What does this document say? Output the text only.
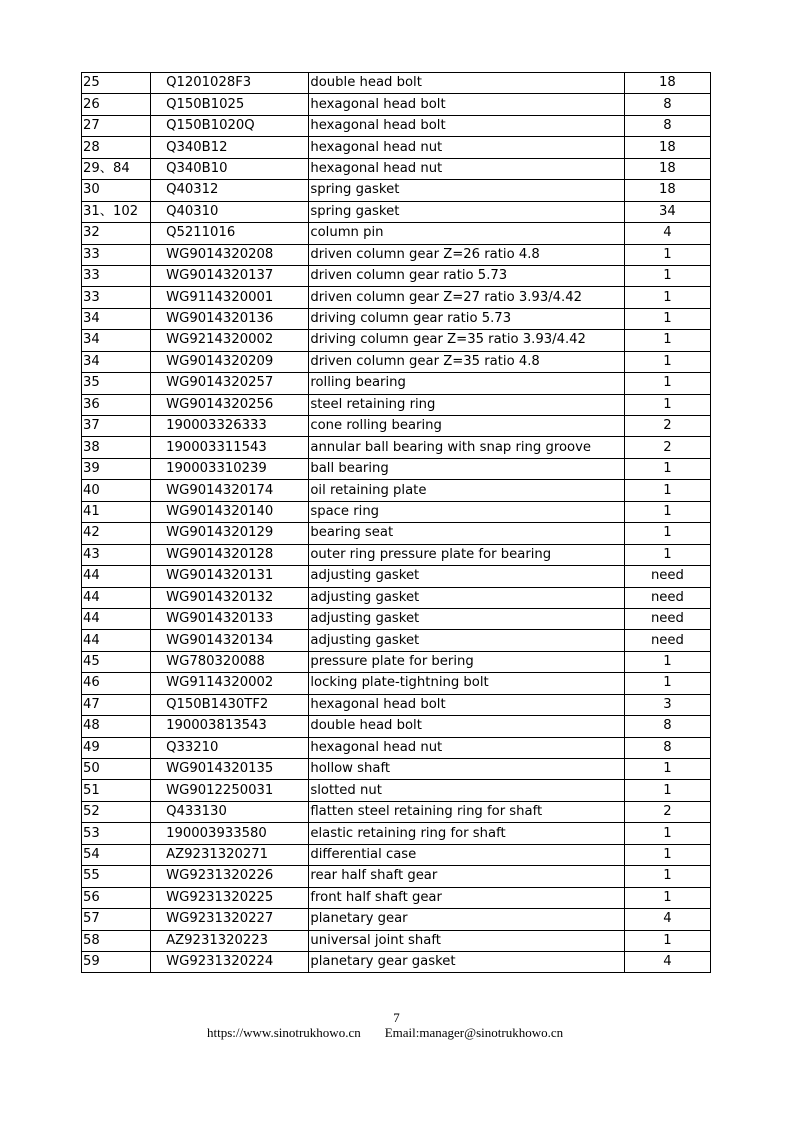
25	Q1201028F3	double head bolt	18
26	Q150B1025	hexagonal head bolt	8
27	Q150B1020Q	hexagonal head bolt	8
28	Q340B12	hexagonal head nut	18
29、84	Q340B10	hexagonal head nut	18
30	Q40312	spring gasket	18
31、102	Q40310	spring gasket	34
32	Q5211016	column pin	4
33	WG9014320208	driven column gear Z=26 ratio 4.8	1
33	WG9014320137	driven column gear ratio 5.73	1
33	WG9114320001	driven column gear Z=27 ratio 3.93/4.42	1
34	WG9014320136	driving column gear ratio 5.73	1
34	WG9214320002	driving column gear Z=35 ratio 3.93/4.42	1
34	WG9014320209	driven column gear Z=35 ratio 4.8	1
35	WG9014320257	rolling bearing	1
36	WG9014320256	steel retaining ring	1
37	190003326333	cone rolling bearing	2
38	190003311543	annular ball bearing with snap ring groove	2
39	190003310239	ball bearing	1
40	WG9014320174	oil retaining plate	1
41	WG9014320140	space ring	1
42	WG9014320129	bearing seat	1
43	WG9014320128	outer ring pressure plate for bearing	1
44	WG9014320131	adjusting gasket	need
44	WG9014320132	adjusting gasket	need
44	WG9014320133	adjusting gasket	need
44	WG9014320134	adjusting gasket	need
45	WG780320088	pressure plate for bering	1
46	WG9114320002	locking plate-tightning bolt	1
47	Q150B1430TF2	hexagonal head bolt	3
48	190003813543	double head bolt	8
49	Q33210	hexagonal head nut	8
50	WG9014320135	hollow shaft	1
51	WG9012250031	slotted nut	1
52	Q433130	flatten steel retaining ring for shaft	2
53	190003933580	elastic retaining ring for shaft	1
54	AZ9231320271	differential case	1
55	WG9231320226	rear half shaft gear	1
56	WG9231320225	front half shaft gear	1
57	WG9231320227	planetary gear	4
58	AZ9231320223	universal joint shaft	1
59	WG9231320224	planetary gear gasket	4
7
https://www.sinotrukhowo.cn Email:manager@sinotrukhowo.cn
